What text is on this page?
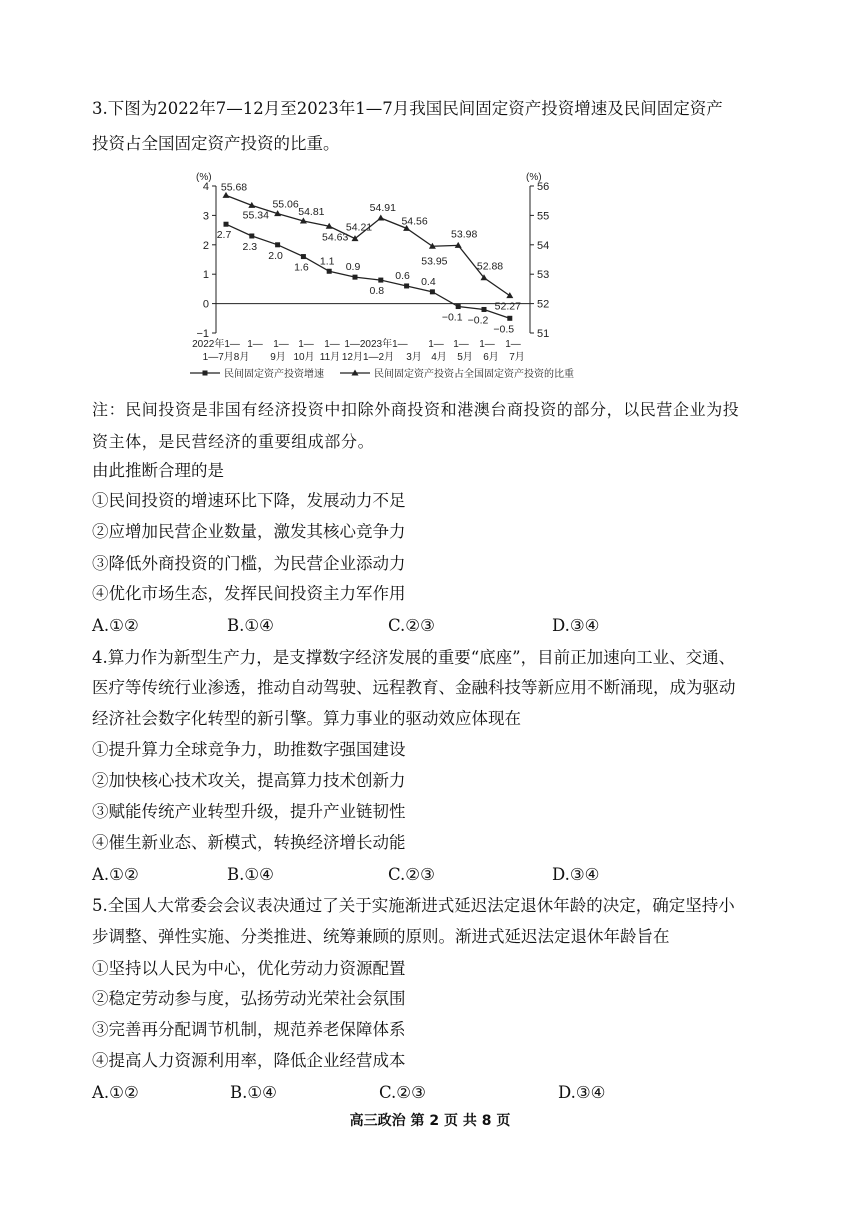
3.下图为2022年7—12月至2023年1—7月我国民间固定资产投资增速及民间固定资产
投资占全国固定资产投资的比重。
(%)	(%)
−1
0
1
2
3
4
51
52
53
54
55
56
2.7
2.3
2.0
1.6
1.1 0.9
0.8
0.6 0.4
−0.1 −0.2
−0.5
55.68
55.34
55.06
54.81
54.63
54.21
54.91
54.56
53.95
53.98
52.88
52.27
2022年1— 1— 1— 1— 1— 1—2023年1— 1— 1— 1— 1—
1—7月8月 9月 10月 11月 12月1—2月 3月 4月 5月 6月 7月
民间固定资产投资增速	民间固定资产投资占全国固定资产投资的比重
注：民间投资是非国有经济投资中扣除外商投资和港澳台商投资的部分，以民营企业为投
资主体，是民营经济的重要组成部分。
由此推断合理的是
①民间投资的增速环比下降，发展动力不足
②应增加民营企业数量，激发其核心竞争力
③降低外商投资的门槛，为民营企业添动力
④优化市场生态，发挥民间投资主力军作用
A.①②	B.①④	C.②③	D.③④
4.算力作为新型生产力，是支撑数字经济发展的重要“底座”，目前正加速向工业、交通、
医疗等传统行业渗透，推动自动驾驶、远程教育、金融科技等新应用不断涌现，成为驱动
经济社会数字化转型的新引擎。算力事业的驱动效应体现在
①提升算力全球竞争力，助推数字强国建设
②加快核心技术攻关，提高算力技术创新力
③赋能传统产业转型升级，提升产业链韧性
④催生新业态、新模式，转换经济增长动能
A.①②	B.①④	C.②③	D.③④
5.全国人大常委会会议表决通过了关于实施渐进式延迟法定退休年龄的决定，确定坚持小
步调整、弹性实施、分类推进、统筹兼顾的原则。渐进式延迟法定退休年龄旨在
①坚持以人民为中心，优化劳动力资源配置
②稳定劳动参与度，弘扬劳动光荣社会氛围
③完善再分配调节机制，规范养老保障体系
④提高人力资源利用率，降低企业经营成本
A.①②	B.①④	C.②③	D.③④
高三政治 第 2 页 共 8 页
